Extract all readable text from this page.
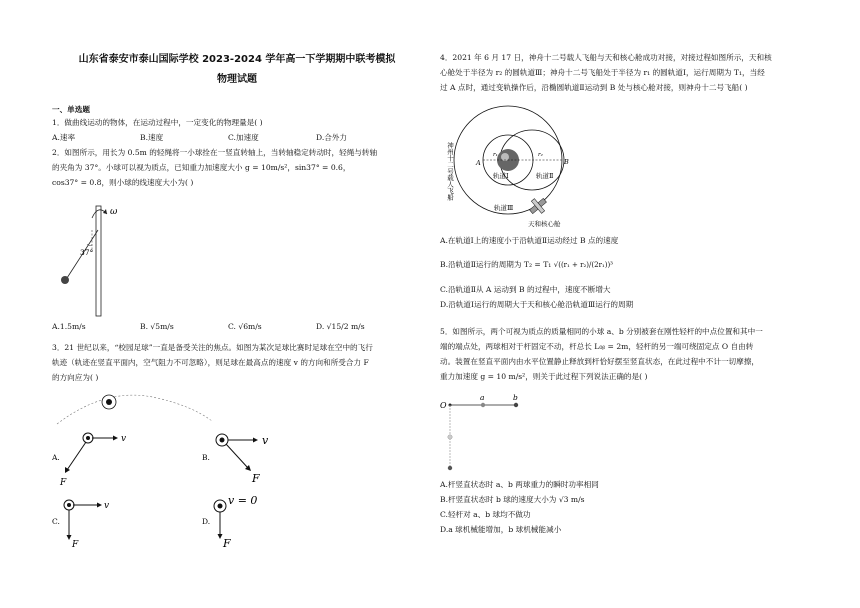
山东省泰安市泰山国际学校 2023-2024 学年高一下学期期中联考模拟
物理试题
一、单选题
1．做曲线运动的物体，在运动过程中，一定变化的物理量是( )
A.速率	B.速度	C.加速度	D.合外力
2．如图所示，用长为 0.5m 的轻绳将一小球拴在一竖直转轴上，当转轴稳定转动时，轻绳与转轴
的夹角为 37°。小球可以视为质点，已知重力加速度大小 g = 10m/s²，sin37° = 0.6，
cos37° = 0.8，则小球的线速度大小为( )
ω
37°
A.1.5m/s	B. √5m/s	C. √6m/s	D. √15/2 m/s
3．21 世纪以来，“校园足球”一直是备受关注的焦点。如图为某次足球比赛时足球在空中的飞行
轨迹（轨迹在竖直平面内，空气阻力不可忽略），则足球在最高点的速度 v 的方向和所受合力 F
的方向应为( )
A.
v
F
B.
v
F
C.
v
F
D.
v = 0
F
4．2021 年 6 月 17 日，神舟十二号载人飞船与天和核心舱成功对接，对接过程如图所示，天和核
心舱处于半径为 r₂ 的圆轨道Ⅲ；神舟十二号飞船处于半径为 r₁ 的圆轨道Ⅰ，运行周期为 T₁，当经
过 A 点时，通过变轨操作后，沿椭圆轨道Ⅱ运动到 B 处与核心舱对接，则神舟十二号飞船( )
A	B
r₁	r₂
轨道Ⅰ	轨道Ⅱ
轨道Ⅲ
天和核心舱
神州十二号载人飞船
A.在轨道Ⅰ上的速度小于沿轨道Ⅱ运动经过 B 点的速度
B.沿轨道Ⅱ运行的周期为 T₂ = T₁ √((r₁ + r₂)/(2r₁))³
C.沿轨道Ⅱ从 A 运动到 B 的过程中，速度不断增大
D.沿轨道Ⅰ运行的周期大于天和核心舱沿轨道Ⅲ运行的周期
5．如图所示，两个可视为质点的质量相同的小球 a、b 分别被套在刚性轻杆的中点位置和其中一
端的端点处，两球相对于杆固定不动，杆总长 L₀ᵦ = 2m，轻杆的另一端可绕固定点 O 自由转
动。装置在竖直平面内由水平位置静止释放到杆恰好摆至竖直状态，在此过程中不计一切摩擦，
重力加速度 g = 10 m/s²，则关于此过程下列说法正确的是( )
O
a	b
A.杆竖直状态时 a、b 两球重力的瞬时功率相同
B.杆竖直状态时 b 球的速度大小为 √3 m/s
C.轻杆对 a、b 球均不做功
D.a 球机械能增加，b 球机械能减小
